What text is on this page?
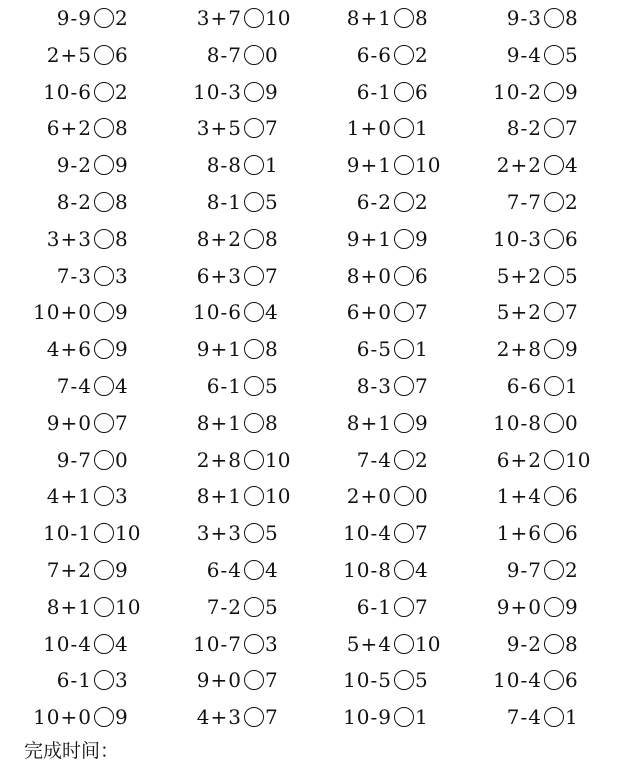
9-9 2	3+7 10	8+1 8	9-3 8
2+5 6	8-7 0	6-6 2	9-4 5
10-6 2	10-3 9	6-1 6	10-2 9
6+2 8	3+5 7	1+0 1	8-2 7
9-2 9	8-8 1	9+1 10	2+2 4
8-2 8	8-1 5	6-2 2	7-7 2
3+3 8	8+2 8	9+1 9	10-3 6
7-3 3	6+3 7	8+0 6	5+2 5
10+0 9	10-6 4	6+0 7	5+2 7
4+6 9	9+1 8	6-5 1	2+8 9
7-4 4	6-1 5	8-3 7	6-6 1
9+0 7	8+1 8	8+1 9	10-8 0
9-7 0	2+8 10	7-4 2	6+2 10
4+1 3	8+1 10	2+0 0	1+4 6
10-1 10	3+3 5	10-4 7	1+6 6
7+2 9	6-4 4	10-8 4	9-7 2
8+1 10	7-2 5	6-1 7	9+0 9
10-4 4	10-7 3	5+4 10	9-2 8
6-1 3	9+0 7	10-5 5	10-4 6
10+0 9	4+3 7	10-9 1	7-4 1
完成时间：
